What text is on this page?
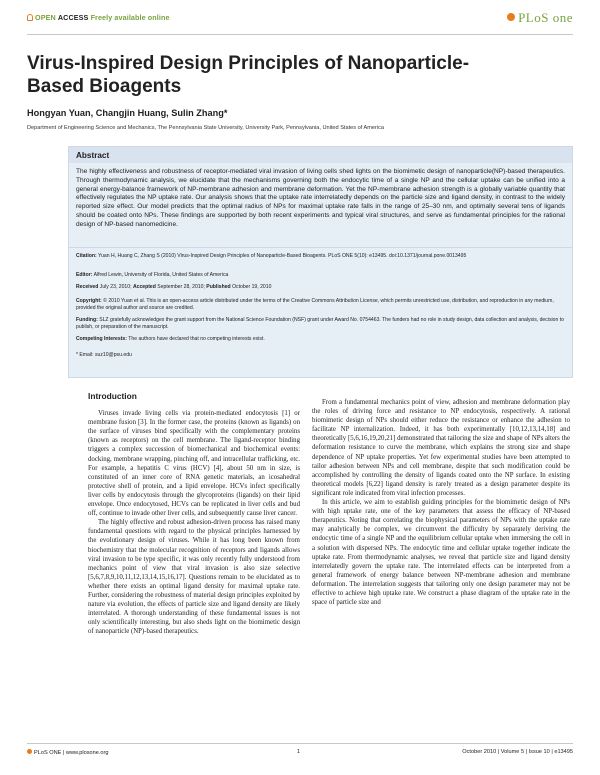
OPEN ACCESS Freely available online	PLoS one
Virus-Inspired Design Principles of Nanoparticle-Based Bioagents
Hongyan Yuan, Changjin Huang, Sulin Zhang*
Department of Engineering Science and Mechanics, The Pennsylvania State University, University Park, Pennsylvania, United States of America
Abstract
The highly effectiveness and robustness of receptor-mediated viral invasion of living cells shed lights on the biomimetic design of nanoparticle(NP)-based therapeutics. Through thermodynamic analysis, we elucidate that the mechanisms governing both the endocytic time of a single NP and the cellular uptake can be unified into a general energy-balance framework of NP-membrane adhesion and membrane deformation. Yet the NP-membrane adhesion strength is a globally variable quantity that effectively regulates the NP uptake rate. Our analysis shows that the uptake rate interrelatedly depends on the particle size and ligand density, in contrast to the widely reported size effect. Our model predicts that the optimal radius of NPs for maximal uptake rate falls in the range of 25–30 nm, and optimally several tens of ligands should be coated onto NPs. These findings are supported by both recent experiments and typical viral structures, and serve as fundamental principles for the rational design of NP-based nanomedicine.
Citation: Yuan H, Huang C, Zhang S (2010) Virus-Inspired Design Principles of Nanoparticle-Based Bioagents. PLoS ONE 5(10): e13495. doi:10.1371/journal.pone.0013495
Editor: Alfred Lewin, University of Florida, United States of America
Received July 23, 2010; Accepted September 28, 2010; Published October 19, 2010
Copyright: © 2010 Yuan et al. This is an open-access article distributed under the terms of the Creative Commons Attribution License, which permits unrestricted use, distribution, and reproduction in any medium, provided the original author and source are credited.
Funding: SLZ gratefully acknowledges the grant support from the National Science Foundation (NSF) grant under Award No. 0754463. The funders had no role in study design, data collection and analysis, decision to publish, or preparation of the manuscript.
Competing Interests: The authors have declared that no competing interests exist.
* Email: suz10@psu.edu
Introduction

Viruses invade living cells via protein-mediated endocytosis [1] or membrane fusion [3]. In the former case, the proteins (known as ligands) on the surface of viruses bind specifically with the complementary proteins (known as receptors) on the cell membrane. The ligand-receptor binding triggers a complex succession of biomechanical and biochemical events: docking, membrane wrapping, pinching off, and intracellular trafficking, etc. For example, a hepatitis C virus (HCV) [4], about 50 nm in size, is constituted of an inner core of RNA genetic materials, an icosahedral protective shell of protein, and a lipid envelope. HCVs infect specifically liver cells by endocytosis through the glycoproteins (ligands) on their lipid envelope. Once endocytosed, HCVs can be replicated in liver cells and bud off, continue to invade other liver cells, and subsequently cause liver cancer.

The highly effective and robust adhesion-driven process has raised many fundamental questions with regard to the physical principles harnessed by the evolutionary design of viruses. While it has long been known from biochemistry that the molecular recognition of receptors and ligands allows viral invasion to be type specific, it was only recently fully understood from mechanics point of view that viral invasion is also size selective [5,6,7,8,9,10,11,12,13,14,15,16,17]. Questions remain to be elucidated as to whether there exists an optimal ligand density for maximal uptake rate. Further, considering the robustness of material design principles exploited by nature via evolution, the effects of particle size and ligand density are likely interrelated. A thorough understanding of these fundamental issues is not only scientifically interesting, but also sheds light on the biomimetic design of nanoparticle (NP)-based therapeutics.

From a fundamental mechanics point of view, adhesion and membrane deformation play the roles of driving force and resistance to NP endocytosis, respectively. A rational biomimetic design of NPs should either reduce the resistance or enhance the adhesion to facilitate NP internalization. Indeed, it has both experimentally [10,12,13,14,18] and theoretically [5,6,16,19,20,21] demonstrated that tailoring the size and shape of NPs alters the deformation resistance to curve the membrane, which explains the strong size and shape dependence of NP uptake properties. Yet few experimental studies have been attempted to tailor adhesion between NPs and cell membrane, despite that such modification could be accomplished by controlling the density of ligands coated onto the NP surface. In existing theoretical models [6,22] ligand density is rarely treated as a design parameter despite its significant role indicated from viral infection processes.

In this article, we aim to establish guiding principles for the biomimetic design of NPs with high uptake rate, one of the key parameters that assess the efficacy of NP-based therapeutics. Noting that correlating the biophysical parameters of NPs with the uptake rate may analytically be complex, we circumvent the difficulty by separately deriving the endocytic time of a single NP and the equilibrium cellular uptake when immersing the cell in a solution with dispersed NPs. The endocytic time and cellular uptake together indicate the uptake rate. From thermodynamic analyses, we reveal that particle size and ligand density interrelatedly govern the uptake rate. The interrelated effects can be interpreted from a general framework of energy balance between NP-membrane adhesion and membrane deformation. The interrelation suggests that tailoring only one design parameter may not be effective to achieve high uptake rate. We construct a phase diagram of the uptake rate in the space of particle size and

PLoS ONE | www.plosone.org	1	October 2010 | Volume 5 | Issue 10 | e13495
